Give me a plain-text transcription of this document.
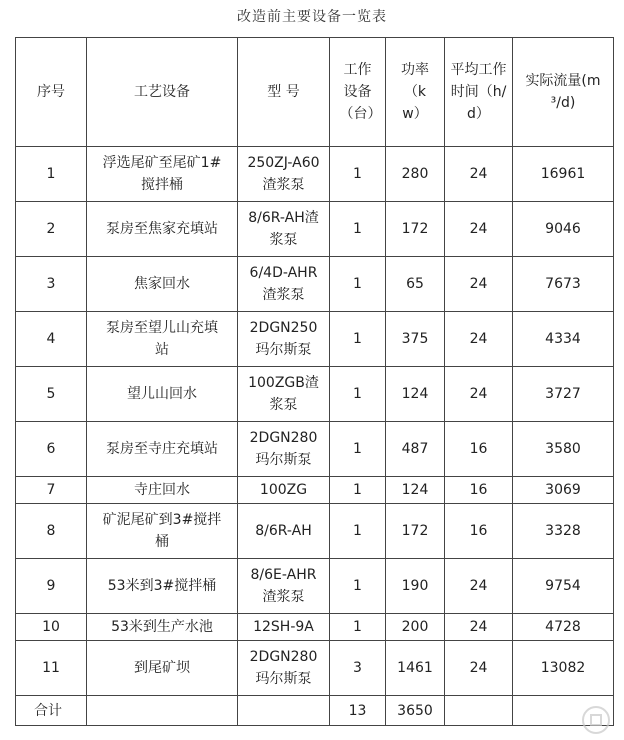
改造前主要设备一览表
序号	工艺设备	型 号	工作设备（台）	功率（kw）	平均工作时间（h/d）	实际流量(m³/d)
1	浮选尾矿至尾矿1#搅拌桶	250ZJ-A60渣浆泵	1	280	24	16961
2	泵房至焦家充填站	8/6R-AH渣浆泵	1	172	24	9046
3	焦家回水	6/4D-AHR渣浆泵	1	65	24	7673
4	泵房至望儿山充填站	2DGN250玛尔斯泵	1	375	24	4334
5	望儿山回水	100ZGB渣浆泵	1	124	24	3727
6	泵房至寺庄充填站	2DGN280玛尔斯泵	1	487	16	3580
7	寺庄回水	100ZG	1	124	16	3069
8	矿泥尾矿到3#搅拌桶	8/6R-AH	1	172	16	3328
9	53米到3#搅拌桶	8/6E-AHR渣浆泵	1	190	24	9754
10	53米到生产水池	12SH-9A	1	200	24	4728
11	到尾矿坝	2DGN280玛尔斯泵	3	1461	24	13082
合计			13	3650		
